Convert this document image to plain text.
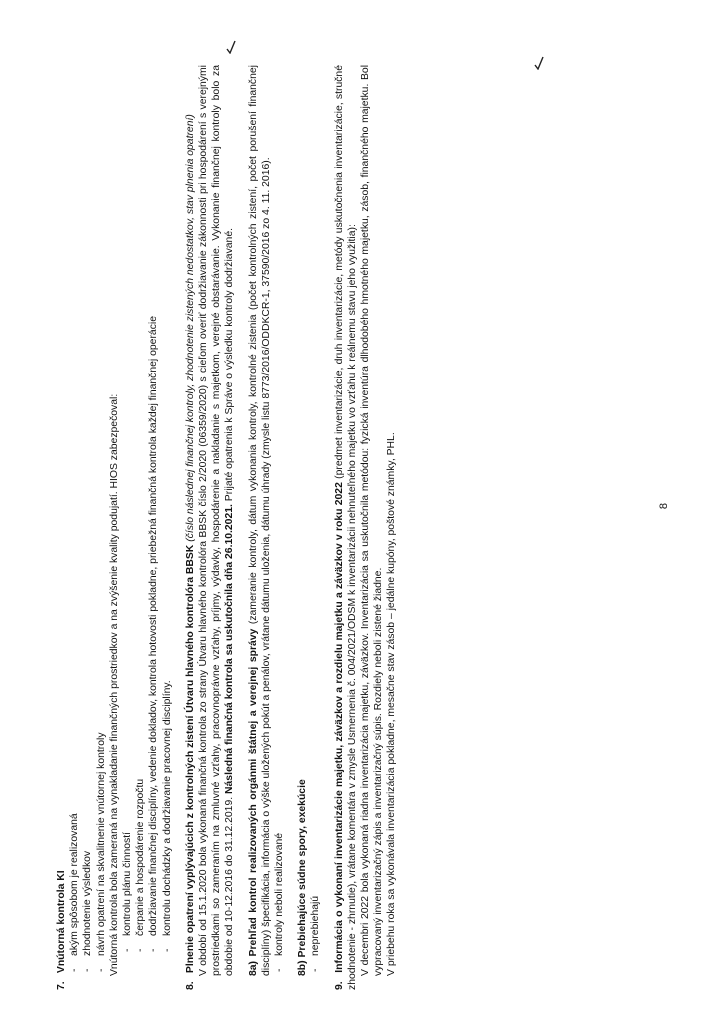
7. Vnútorná kontrola KI - akým spôsobom je realizovaná - zhodnotenie výsledkov - návrh opatrení na skvalitnenie vnútornej kontroly Vnútorná kontrola bola zameraná na vynakladanie finančných prostriedkov a na zvýšenie kvality podujatí. HIOS zabezpečoval: - kontrolu plánu činností - čerpanie a hospodárenie rozpočtu - dodržiavanie finančnej disciplíny, vedenie dokladov, kontrola hotovosti pokladne, priebežná finančná kontrola každej finančnej operácie - kontrolu dochádzky a dodržiavanie pracovnej disciplíny.
8. Plnenie opatrení vyplývajúcich z kontrolných zistení Útvaru hlavného kontrolóra BBSK (číslo následnej finančnej kontroly, zhodnotenie zistených nedostatkov, stav plnenia opatrení) V období od 15.1.2020 bola vykonaná finančná kontrola zo strany Útvaru hlavného kontrolóra BBSK číslo 2/2020 (06359/2020) s cieľom overiť dodržiavanie zákonnosti pri hospodárení s verejnými prostriedkami so zameraním na zmluvné vzťahy, pracovnoprávne vzťahy, príjmy, výdavky, hospodárenie a nakladanie s majetkom, verejné obstarávanie. Vykonanie finančnej kontroly bolo za obdobie od 10-12.2016 do 31.12.2019. Následná finančná kontrola sa uskutočnila dňa 26.10.2021. Prijaté opatrenia k Správe o výsledku kontroly dodržiavané.
8a) Prehľad kontrol realizovaných orgánmi štátnej a verejnej správy (zameranie kontroly, dátum vykonania kontroly, kontrolné zistenia (počet kontrolných zistení, počet porušení finančnej disciplíny) špecifikácia, informácia o výške uložených pokút a penálov, vrátane dátumu uloženia, dátumu úhrady (zmysle listu 8773/2016/ODDKCR-1, 37590/2016 zo 4. 11. 2016). - kontroly neboli realizované
8b) Prebiehajúce súdne spory, exekúcie - neprebiehajú
9. Informácia o vykonaní inventarizácie majetku, záväzkov a rozdielu majetku a záväzkov v roku 2022 (predmet inventarizácie, druh inventarizácie, metódy uskutočnenia inventarizácie, stručné zhodnotenie - zhrnutie), vrátane komentára v zmysle Usmernenia č. 004/2021/ODSM k inventarizácii nehnuteľného majetku vo vzťahu k reálnemu stavu jeho využitia): V decembri 2022 bola vykonaná riadna inventarizácia majetku, záväzkov. Inventarizácia sa uskutočnila metódou: fyzická inventúra dlhodobého hmotného majetku, zásob, finančného majetku. Bol vypracovaný inventarizačný zápis a inventarizačný súpis. Rozdiely neboli zistené žiadne. V priebehu roka sa vykonávala inventarizácia pokladne, mesačne stav zásob – jedálne kupóny, poštové známky, PHL.	8
